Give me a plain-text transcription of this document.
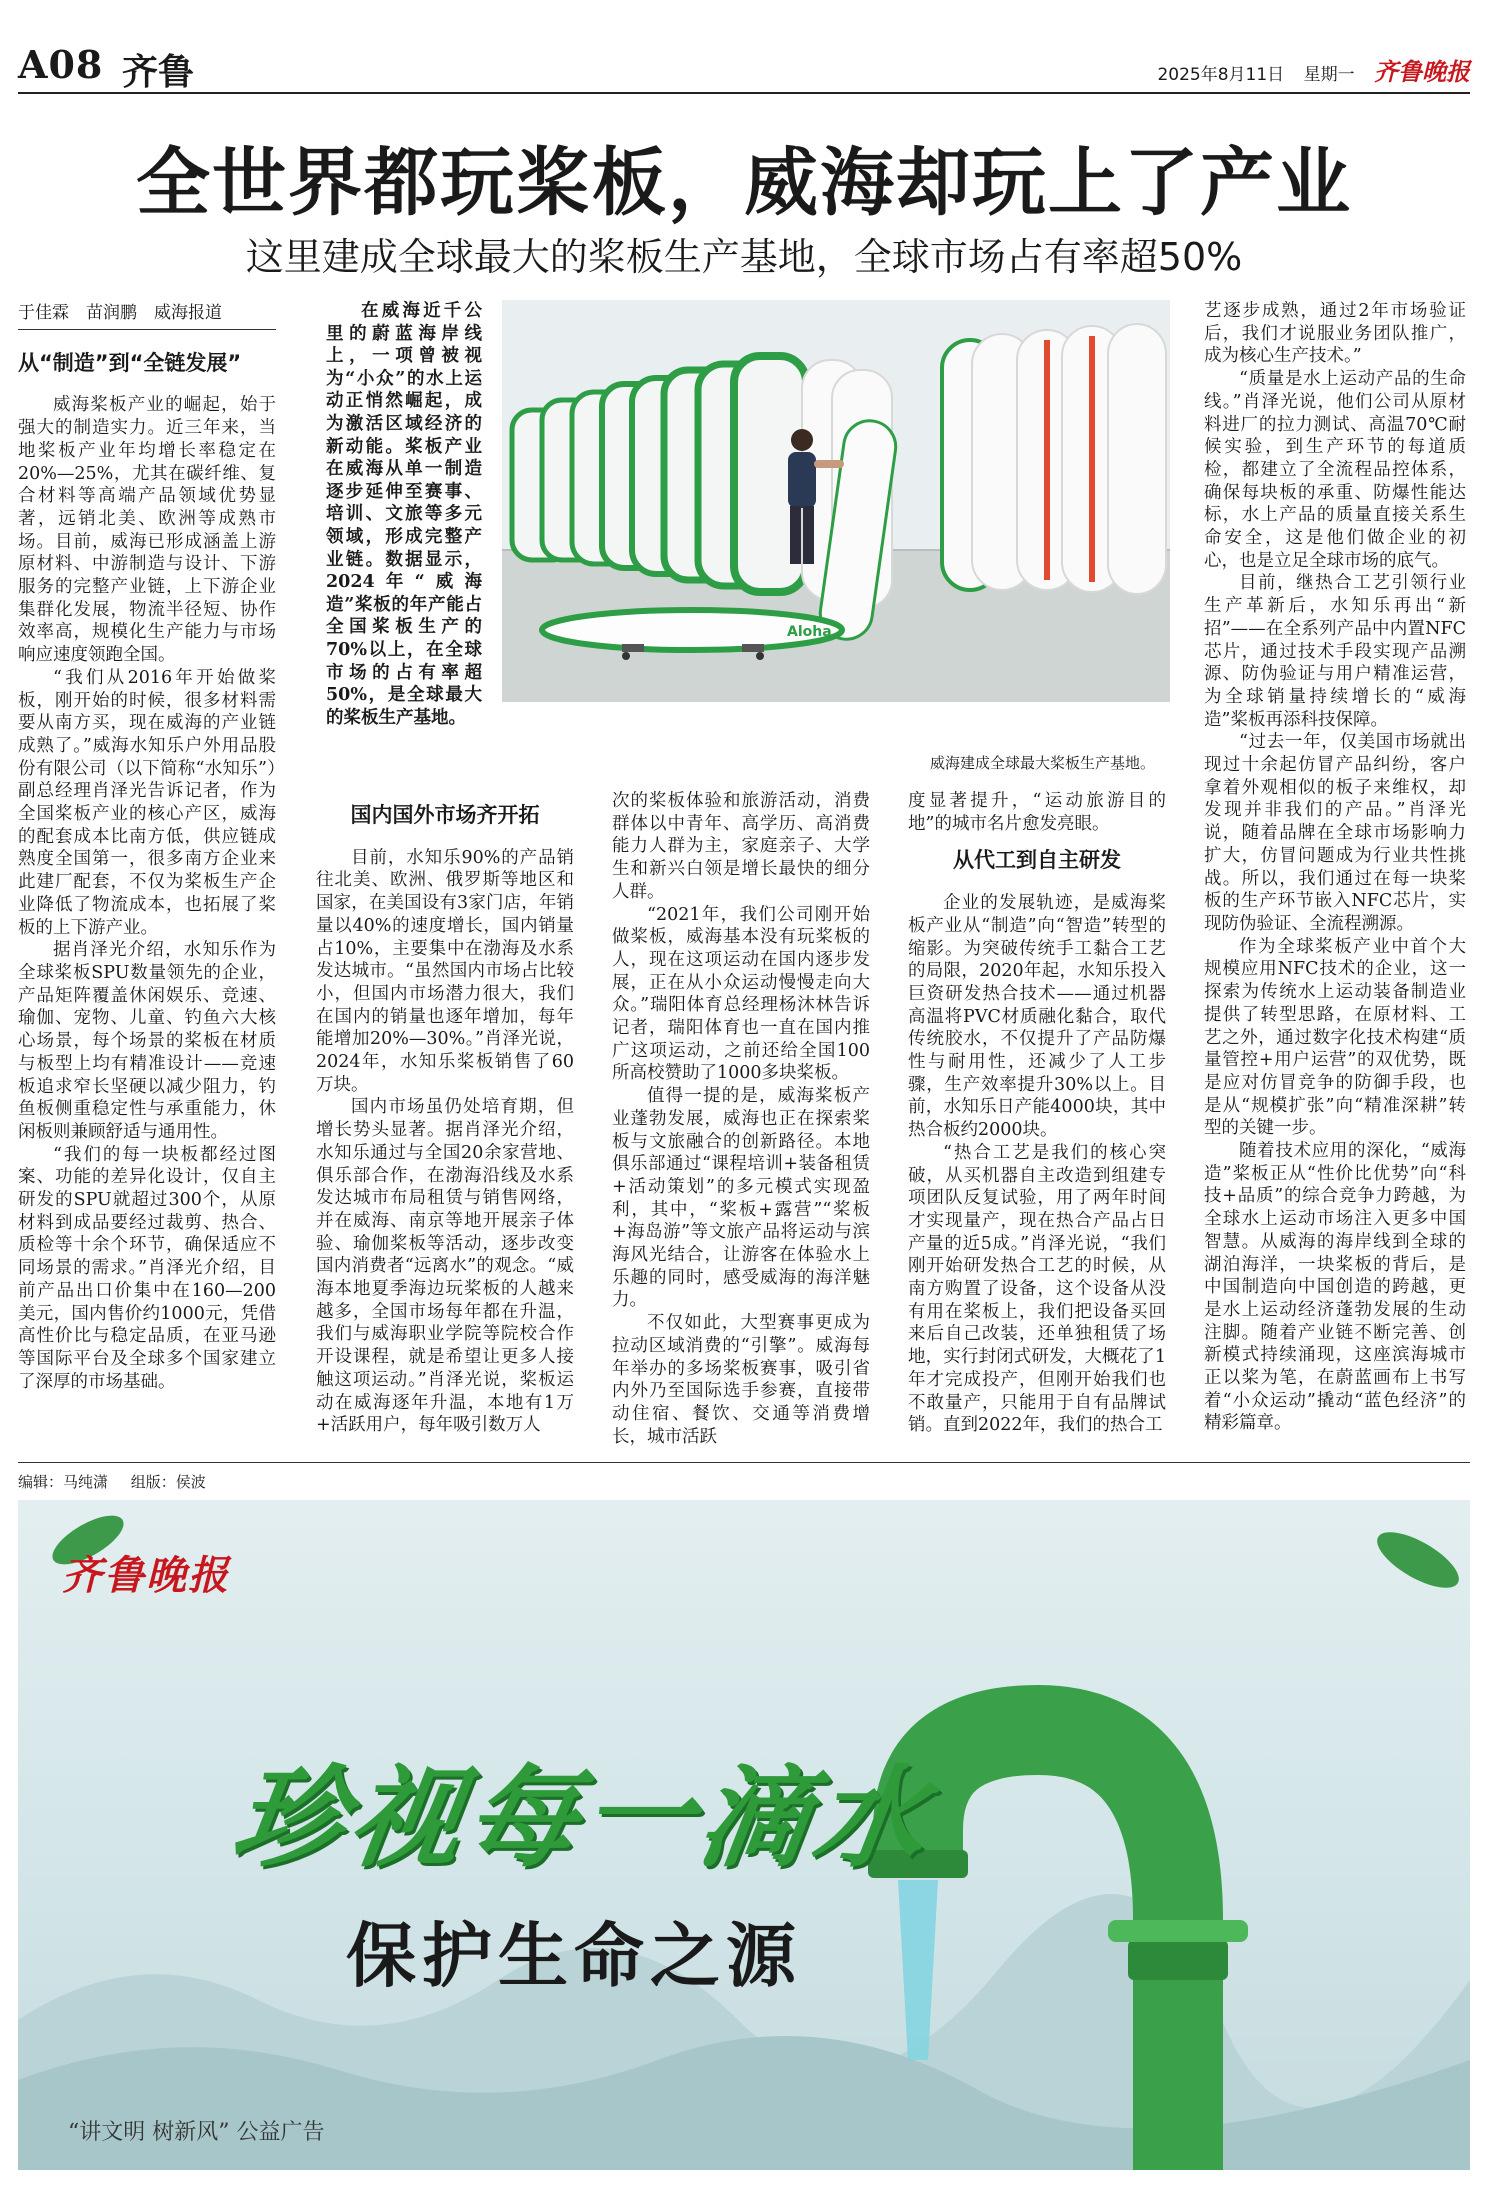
A08 齐鲁	2025年8月11日 星期一 齐鲁晚报
全世界都玩桨板，威海却玩上了产业
这里建成全球最大的桨板生产基地，全球市场占有率超50%
于佳霖　苗润鹏　威海报道
从“制造”到“全链发展”

威海桨板产业的崛起，始于强大的制造实力。近三年来，当地桨板产业年均增长率稳定在20%—25%，尤其在碳纤维、复合材料等高端产品领域优势显著，远销北美、欧洲等成熟市场。目前，威海已形成涵盖上游原材料、中游制造与设计、下游服务的完整产业链，上下游企业集群化发展，物流半径短、协作效率高，规模化生产能力与市场响应速度领跑全国。

“我们从2016年开始做桨板，刚开始的时候，很多材料需要从南方买，现在威海的产业链成熟了。”威海水知乐户外用品股份有限公司（以下简称“水知乐”）副总经理肖泽光告诉记者，作为全国桨板产业的核心产区，威海的配套成本比南方低，供应链成熟度全国第一，很多南方企业来此建厂配套，不仅为桨板生产企业降低了物流成本，也拓展了桨板的上下游产业。

据肖泽光介绍，水知乐作为全球桨板SPU数量领先的企业，产品矩阵覆盖休闲娱乐、竞速、瑜伽、宠物、儿童、钓鱼六大核心场景，每个场景的桨板在材质与板型上均有精准设计——竞速板追求窄长坚硬以减少阻力，钓鱼板侧重稳定性与承重能力，休闲板则兼顾舒适与通用性。

“我们的每一块板都经过图案、功能的差异化设计，仅自主研发的SPU就超过300个，从原材料到成品要经过裁剪、热合、质检等十余个环节，确保适应不同场景的需求。”肖泽光介绍，目前产品出口价集中在160—200美元，国内售价约1000元，凭借高性价比与稳定品质，在亚马逊等国际平台及全球多个国家建立了深厚的市场基础。

在威海近千公里的蔚蓝海岸线上，一项曾被视为“小众”的水上运动正悄然崛起，成为激活区域经济的新动能。桨板产业在威海从单一制造逐步延伸至赛事、培训、文旅等多元领域，形成完整产业链。数据显示，2024年“威海造”桨板的年产能占全国桨板生产的70%以上，在全球市场的占有率超50%，是全球最大的桨板生产基地。

Aloha
威海建成全球最大桨板生产基地。
国内国外市场齐开拓

目前，水知乐90%的产品销往北美、欧洲、俄罗斯等地区和国家，在美国设有3家门店，年销量以40%的速度增长，国内销量占10%，主要集中在渤海及水系发达城市。“虽然国内市场占比较小，但国内市场潜力很大，我们在国内的销量也逐年增加，每年能增加20%—30%。”肖泽光说，2024年，水知乐桨板销售了60万块。

国内市场虽仍处培育期，但增长势头显著。据肖泽光介绍，水知乐通过与全国20余家营地、俱乐部合作，在渤海沿线及水系发达城市布局租赁与销售网络，并在威海、南京等地开展亲子体验、瑜伽桨板等活动，逐步改变国内消费者“远离水”的观念。“威海本地夏季海边玩桨板的人越来越多，全国市场每年都在升温，我们与威海职业学院等院校合作开设课程，就是希望让更多人接触这项运动。”肖泽光说，桨板运动在威海逐年升温，本地有1万+活跃用户，每年吸引数万人

次的桨板体验和旅游活动，消费群体以中青年、高学历、高消费能力人群为主，家庭亲子、大学生和新兴白领是增长最快的细分人群。

“2021年，我们公司刚开始做桨板，威海基本没有玩桨板的人，现在这项运动在国内逐步发展，正在从小众运动慢慢走向大众。”瑞阳体育总经理杨沐林告诉记者，瑞阳体育也一直在国内推广这项运动，之前还给全国100所高校赞助了1000多块桨板。

值得一提的是，威海桨板产业蓬勃发展，威海也正在探索桨板与文旅融合的创新路径。本地俱乐部通过“课程培训+装备租赁+活动策划”的多元模式实现盈利，其中，“桨板+露营”“桨板+海岛游”等文旅产品将运动与滨海风光结合，让游客在体验水上乐趣的同时，感受威海的海洋魅力。

不仅如此，大型赛事更成为拉动区域消费的“引擎”。威海每年举办的多场桨板赛事，吸引省内外乃至国际选手参赛，直接带动住宿、餐饮、交通等消费增长，城市活跃

度显著提升，“运动旅游目的地”的城市名片愈发亮眼。

从代工到自主研发

企业的发展轨迹，是威海桨板产业从“制造”向“智造”转型的缩影。为突破传统手工黏合工艺的局限，2020年起，水知乐投入巨资研发热合技术——通过机器高温将PVC材质融化黏合，取代传统胶水，不仅提升了产品防爆性与耐用性，还减少了人工步骤，生产效率提升30%以上。目前，水知乐日产能4000块，其中热合板约2000块。

“热合工艺是我们的核心突破，从买机器自主改造到组建专项团队反复试验，用了两年时间才实现量产，现在热合产品占日产量的近5成。”肖泽光说，“我们刚开始研发热合工艺的时候，从南方购置了设备，这个设备从没有用在桨板上，我们把设备买回来后自己改装，还单独租赁了场地，实行封闭式研发，大概花了1年才完成投产，但刚开始我们也不敢量产，只能用于自有品牌试销。直到2022年，我们的热合工

艺逐步成熟，通过2年市场验证后，我们才说服业务团队推广，成为核心生产技术。”

“质量是水上运动产品的生命线。”肖泽光说，他们公司从原材料进厂的拉力测试、高温70℃耐候实验，到生产环节的每道质检，都建立了全流程品控体系，确保每块板的承重、防爆性能达标，水上产品的质量直接关系生命安全，这是他们做企业的初心，也是立足全球市场的底气。

目前，继热合工艺引领行业生产革新后，水知乐再出“新招”——在全系列产品中内置NFC芯片，通过技术手段实现产品溯源、防伪验证与用户精准运营，为全球销量持续增长的“威海造”桨板再添科技保障。

“过去一年，仅美国市场就出现过十余起仿冒产品纠纷，客户拿着外观相似的板子来维权，却发现并非我们的产品。”肖泽光说，随着品牌在全球市场影响力扩大，仿冒问题成为行业共性挑战。所以，我们通过在每一块桨板的生产环节嵌入NFC芯片，实现防伪验证、全流程溯源。

作为全球桨板产业中首个大规模应用NFC技术的企业，这一探索为传统水上运动装备制造业提供了转型思路，在原材料、工艺之外，通过数字化技术构建“质量管控+用户运营”的双优势，既是应对仿冒竞争的防御手段，也是从“规模扩张”向“精准深耕”转型的关键一步。

随着技术应用的深化，“威海造”桨板正从“性价比优势”向“科技+品质”的综合竞争力跨越，为全球水上运动市场注入更多中国智慧。从威海的海岸线到全球的湖泊海洋，一块桨板的背后，是中国制造向中国创造的跨越，更是水上运动经济蓬勃发展的生动注脚。随着产业链不断完善、创新模式持续涌现，这座滨海城市正以桨为笔，在蔚蓝画布上书写着“小众运动”撬动“蓝色经济”的精彩篇章。

编辑：马纯潇 组版：侯波
齐鲁晚报
珍视每一滴水
保护生命之源
“讲文明 树新风” 公益广告
